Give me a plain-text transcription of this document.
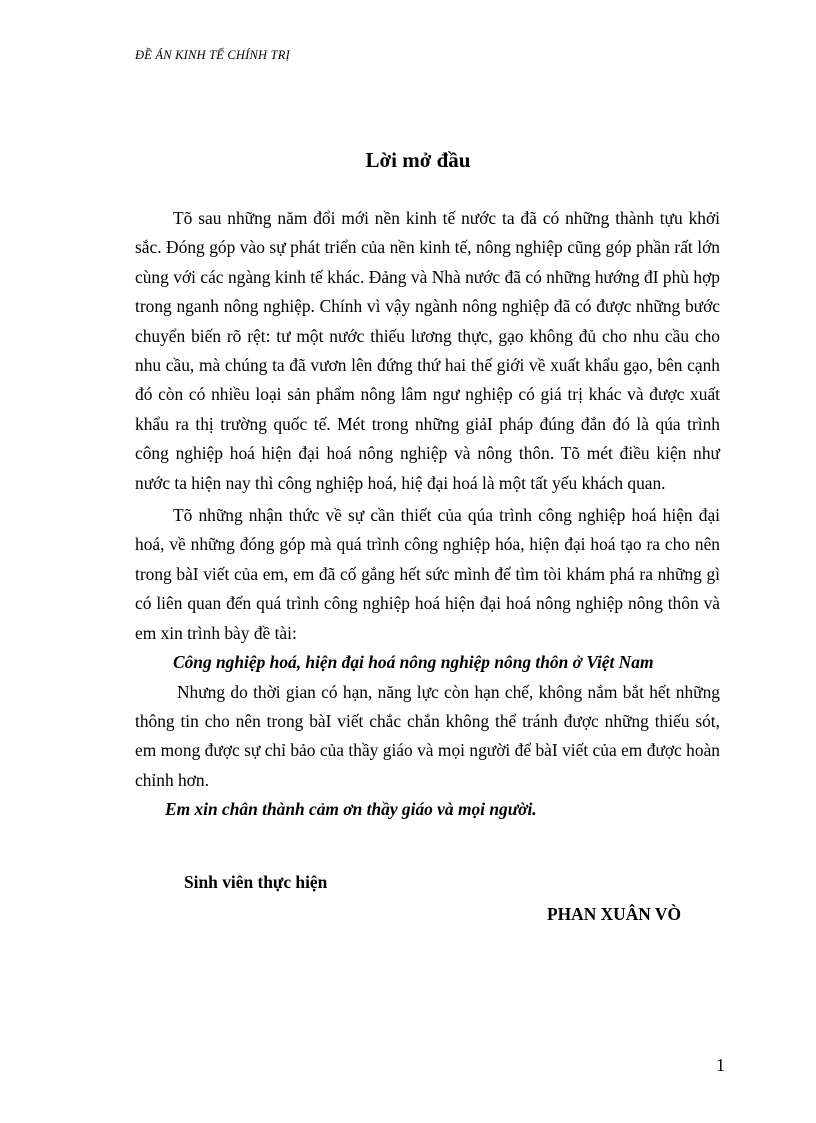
ĐỀ ÁN KINH TẾ CHÍNH TRỊ
Lời mở đầu

Tõ sau những năm đổi mới nền kinh tế nước ta đã có những thành tựu khởi sắc. Đóng góp vào sự phát triển của nền kinh tế, nông nghiệp cũng góp phần rất lớn cùng với các ngàng kinh tế khác. Đảng và Nhà nước đã có những hướng đI phù hợp trong nganh nông nghiệp. Chính vì vậy ngành nông nghiệp đã có được những bước chuyển biến rõ rệt: tư một nước thiếu lương thực, gạo không đủ cho nhu cầu cho nhu cầu, mà chúng ta đã vươn lên đứng thứ hai thế giới về xuất khẩu gạo, bên cạnh đó còn có nhiều loại sản phẩm nông lâm ngư nghiệp có giá trị khác và được xuất khẩu ra thị trường quốc tế. Mét trong những giảI pháp đúng đắn đó là qúa trình công nghiệp hoá hiện đại hoá nông nghiệp và nông thôn. Tõ mét điều kiện như nước ta hiện nay thì công nghiệp hoá, hiệ đại hoá là một tất yếu khách quan.

Tõ những nhận thức về sự cần thiết của qúa trình công nghiệp hoá hiện đại hoá, về những đóng góp mà quá trình công nghiệp hóa, hiện đại hoá tạo ra cho nên trong bàI viết của em, em đã cố gắng hết sức mình để tìm tòi khám phá ra những gì có liên quan đến quá trình công nghiệp hoá hiện đại hoá nông nghiệp nông thôn và em xin trình bày đề tài:

Công nghiệp hoá, hiện đại hoá nông nghiệp nông thôn ở Việt Nam

Nhưng do thời gian có hạn, năng lực còn hạn chế, không nắm bắt hết những thông tin cho nên trong bàI viết chắc chắn không thể tránh được những thiếu sót, em mong được sự chỉ bảo của thầy giáo và mọi người để bàI viết của em được hoàn chỉnh hơn.

Em xin chân thành cảm ơn thầy giáo và mọi người.

Sinh viên thực hiện
PHAN XUÂN VÒ
1
